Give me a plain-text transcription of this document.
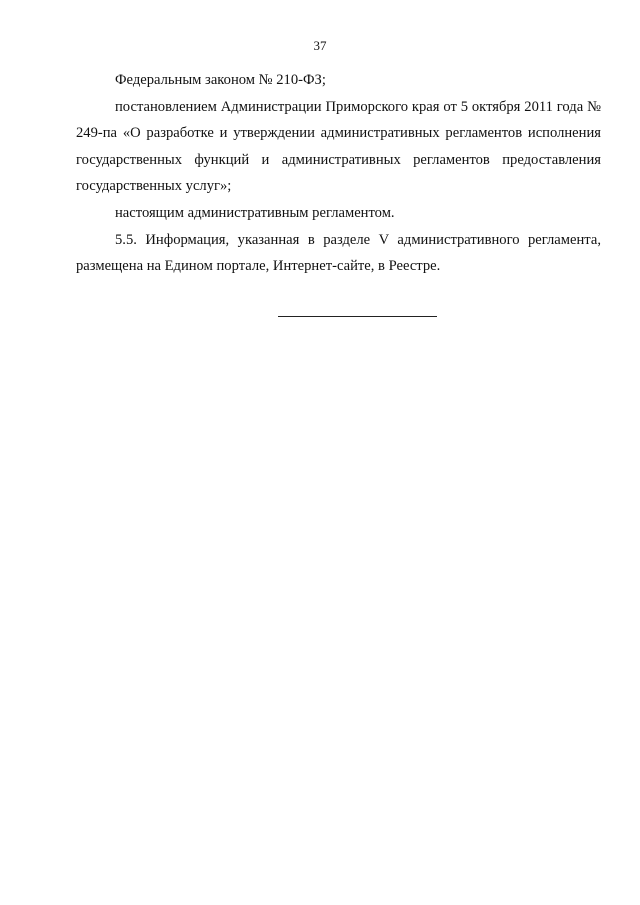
37

Федеральным законом № 210-ФЗ;

постановлением Администрации Приморского края от 5 октября 2011 года № 249-па «О разработке и утверждении административных регламентов исполнения государственных функций и административных регламентов предоставления государственных услуг»;

настоящим административным регламентом.

5.5. Информация, указанная в разделе V административного регламента, размещена на Едином портале, Интернет-сайте, в Реестре.
